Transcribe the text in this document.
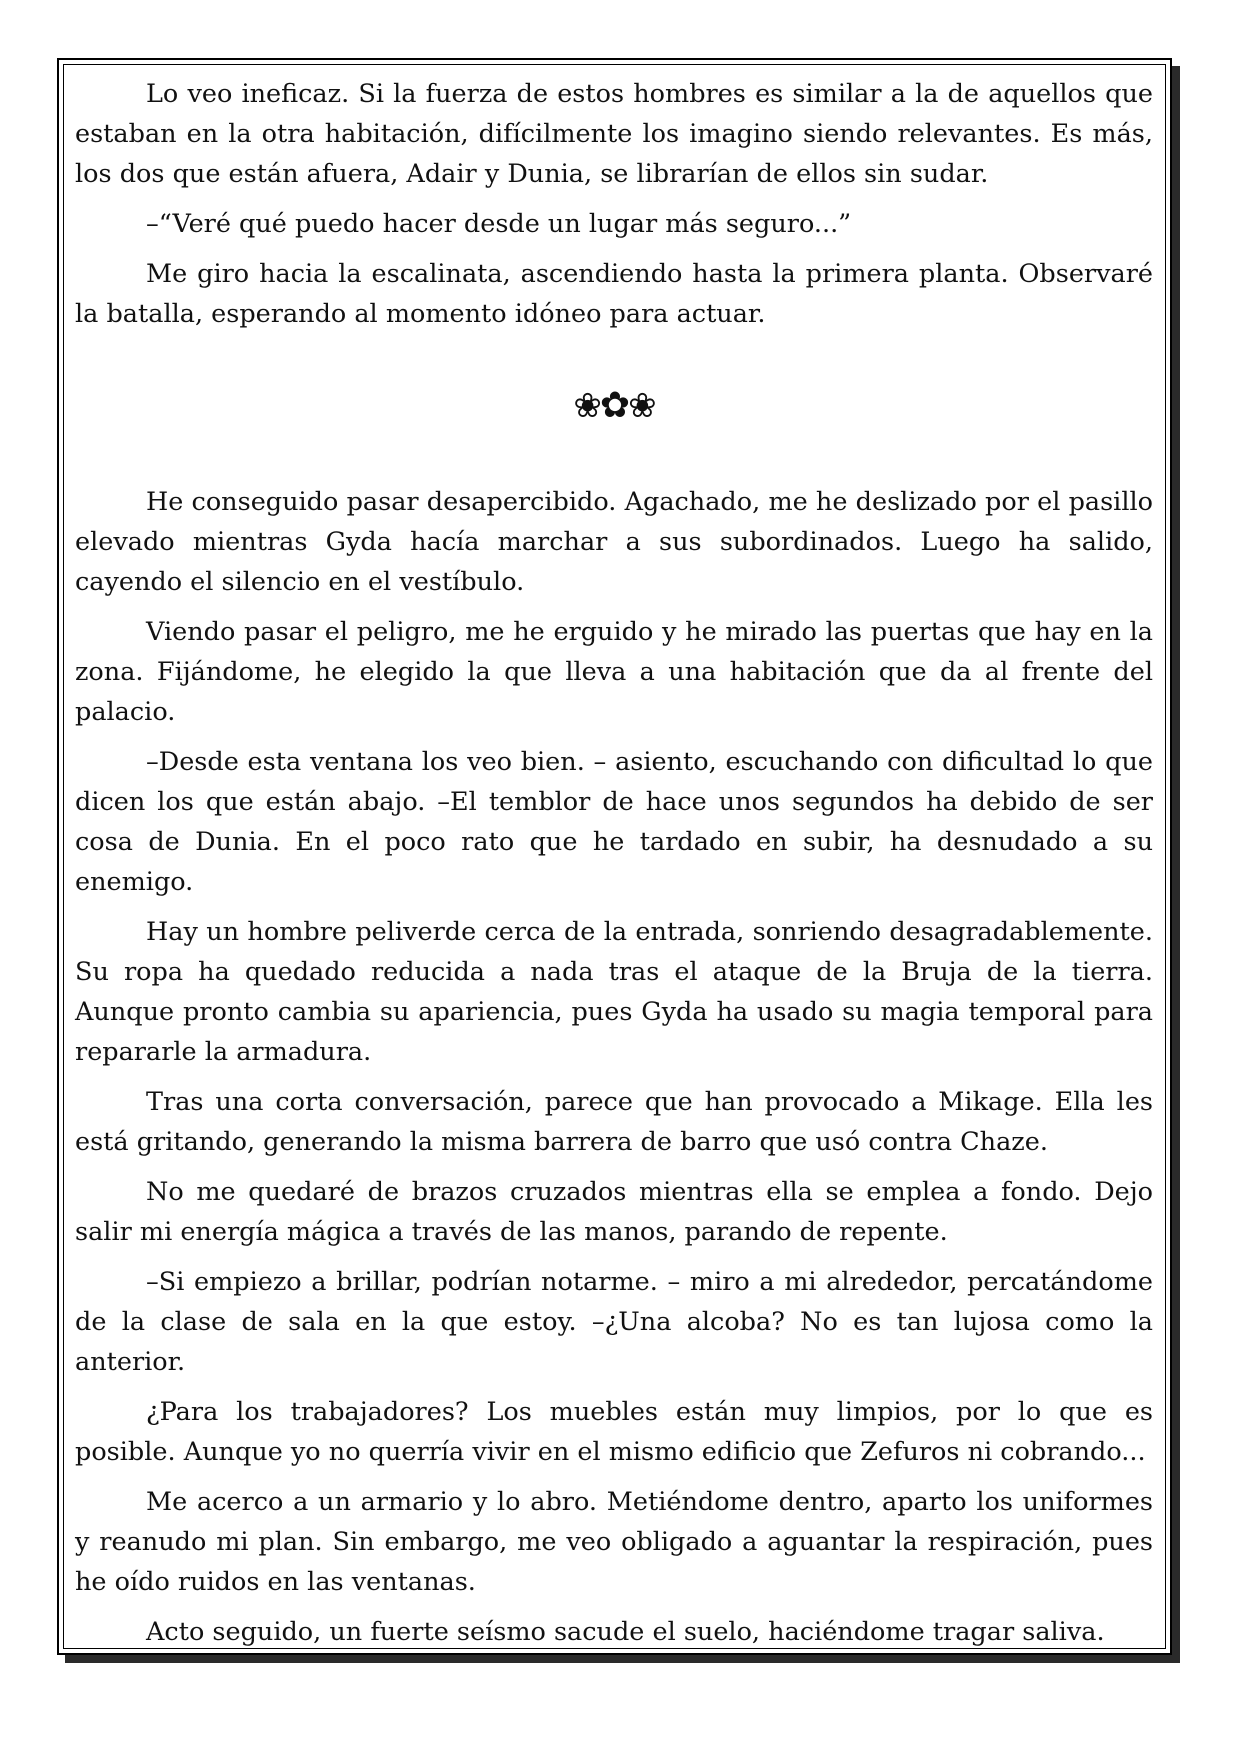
Lo veo ineficaz. Si la fuerza de estos hombres es similar a la de aquellos que estaban en la otra habitación, difícilmente los imagino siendo relevantes. Es más, los dos que están afuera, Adair y Dunia, se librarían de ellos sin sudar.

–“Veré qué puedo hacer desde un lugar más seguro...”

Me giro hacia la escalinata, ascendiendo hasta la primera planta. Observaré la batalla, esperando al momento idóneo para actuar.

❀✿❀

He conseguido pasar desapercibido. Agachado, me he deslizado por el pasillo elevado mientras Gyda hacía marchar a sus subordinados. Luego ha salido, cayendo el silencio en el vestíbulo.

Viendo pasar el peligro, me he erguido y he mirado las puertas que hay en la zona. Fijándome, he elegido la que lleva a una habitación que da al frente del palacio.

–Desde esta ventana los veo bien. – asiento, escuchando con dificultad lo que dicen los que están abajo. –El temblor de hace unos segundos ha debido de ser cosa de Dunia. En el poco rato que he tardado en subir, ha desnudado a su enemigo.

Hay un hombre peliverde cerca de la entrada, sonriendo desagradablemente. Su ropa ha quedado reducida a nada tras el ataque de la Bruja de la tierra. Aunque pronto cambia su apariencia, pues Gyda ha usado su magia temporal para repararle la armadura.

Tras una corta conversación, parece que han provocado a Mikage. Ella les está gritando, generando la misma barrera de barro que usó contra Chaze.

No me quedaré de brazos cruzados mientras ella se emplea a fondo. Dejo salir mi energía mágica a través de las manos, parando de repente.

–Si empiezo a brillar, podrían notarme. – miro a mi alrededor, percatándome de la clase de sala en la que estoy. –¿Una alcoba? No es tan lujosa como la anterior.

¿Para los trabajadores? Los muebles están muy limpios, por lo que es posible. Aunque yo no querría vivir en el mismo edificio que Zefuros ni cobrando...

Me acerco a un armario y lo abro. Metiéndome dentro, aparto los uniformes y reanudo mi plan. Sin embargo, me veo obligado a aguantar la respiración, pues he oído ruidos en las ventanas.

Acto seguido, un fuerte seísmo sacude el suelo, haciéndome tragar saliva.
